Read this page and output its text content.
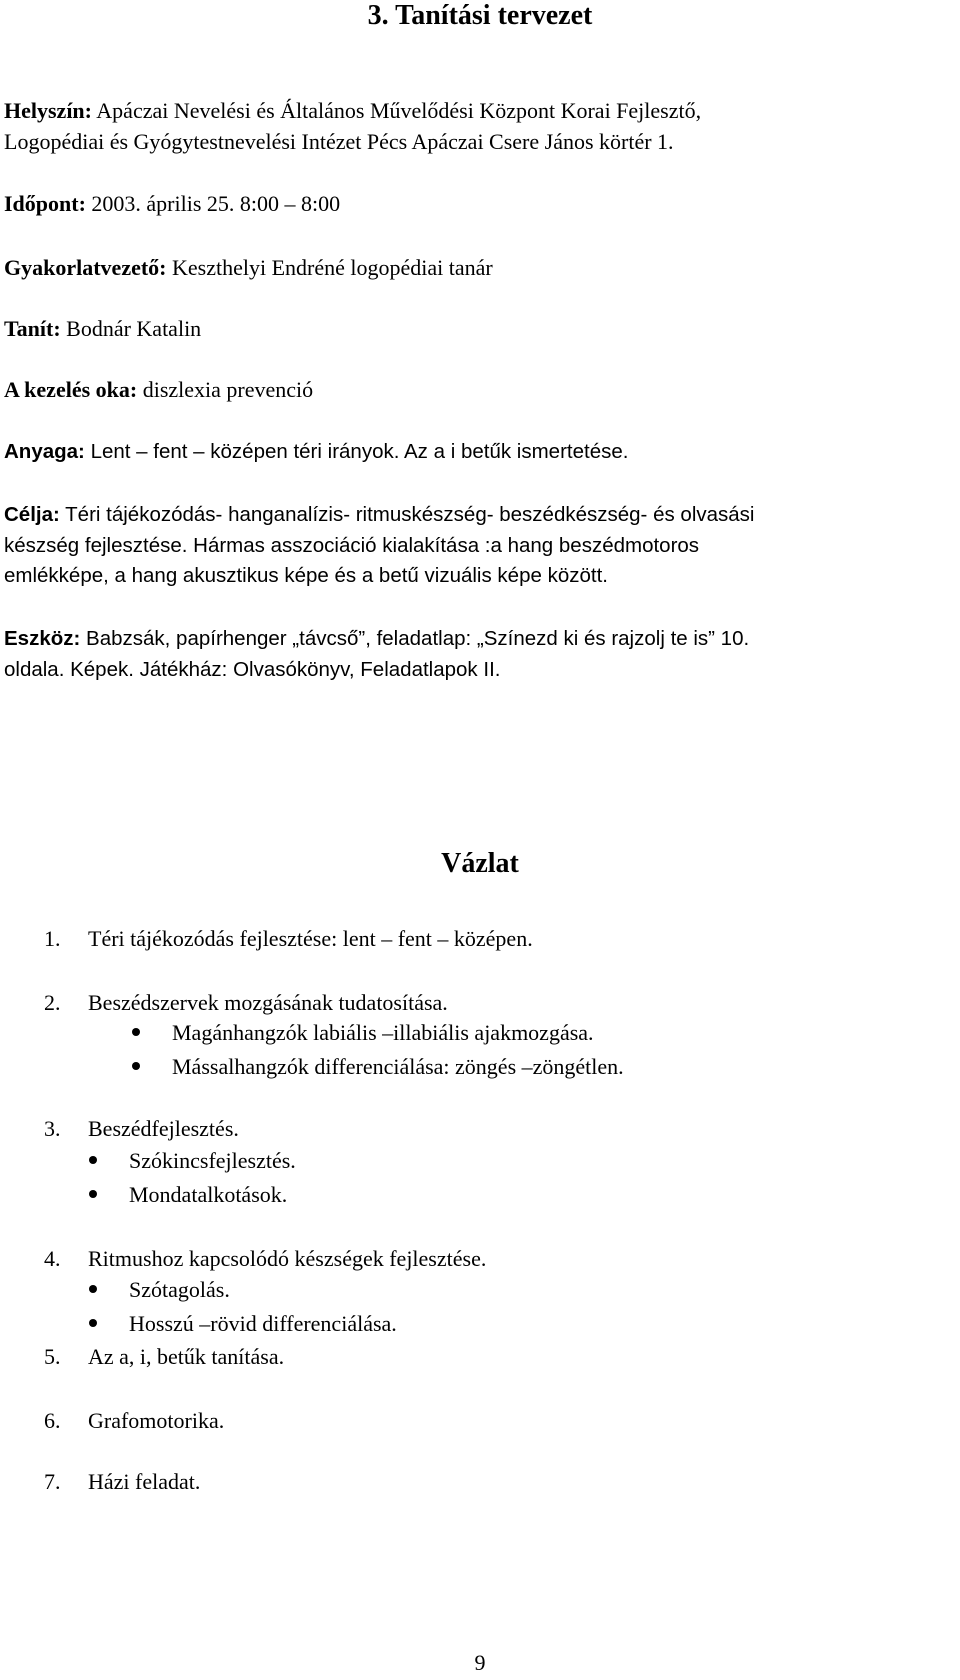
3. Tanítási tervezet
Helyszín: Apáczai Nevelési és Általános Művelődési Központ Korai Fejlesztő,
Logopédiai és Gyógytestnevelési Intézet Pécs Apáczai Csere János körtér 1.
Időpont: 2003. április 25. 8:00 – 8:00
Gyakorlatvezető: Keszthelyi Endréné logopédiai tanár
Tanít: Bodnár Katalin
A kezelés oka: diszlexia prevenció
Anyaga: Lent – fent – középen téri irányok. Az a i betűk ismertetése.
Célja: Téri tájékozódás- hanganalízis- ritmuskészség- beszédkészség- és olvasási
készség fejlesztése. Hármas asszociáció kialakítása :a hang beszédmotoros
emlékképe, a hang akusztikus képe és a betű vizuális képe között.
Eszköz: Babzsák, papírhenger „távcső”, feladatlap: „Színezd ki és rajzolj te is” 10.
oldala. Képek. Játékház: Olvasókönyv, Feladatlapok II.
Vázlat
1.	Téri tájékozódás fejlesztése: lent – fent – középen.
2.	Beszédszervek mozgásának tudatosítása.
Magánhangzók labiális –illabiális ajakmozgása.
Mássalhangzók differenciálása: zöngés –zöngétlen.
3.	Beszédfejlesztés.
Szókincsfejlesztés.
Mondatalkotások.
4.	Ritmushoz kapcsolódó készségek fejlesztése.
Szótagolás.
Hosszú –rövid differenciálása.
5.	Az a, i, betűk tanítása.
6.	Grafomotorika.
7.	Házi feladat.
9
